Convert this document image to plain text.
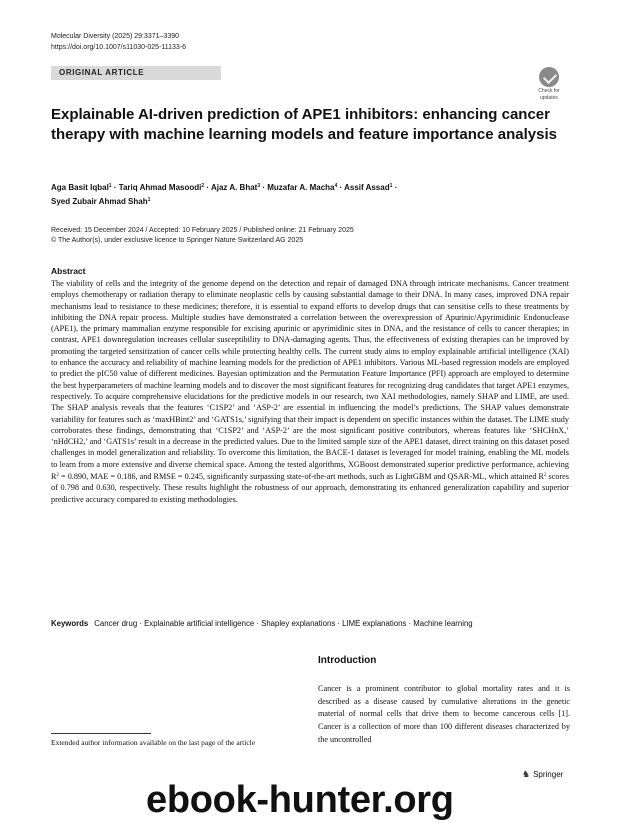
Molecular Diversity (2025) 29:3371–3390
https://doi.org/10.1007/s11030-025-11133-6
ORIGINAL ARTICLE
Check for
updates
Explainable AI-driven prediction of APE1 inhibitors: enhancing cancer therapy with machine learning models and feature importance analysis
Aga Basit Iqbal$^1$ · Tariq Ahmad Masoodi$^2$ · Ajaz A. Bhat$^3$ · Muzafar A. Macha$^4$ · Assif Assad$^1$ ·
Syed Zubair Ahmad Shah$^1$
Received: 15 December 2024 / Accepted: 10 February 2025 / Published online: 21 February 2025
© The Author(s), under exclusive licence to Springer Nature Switzerland AG 2025
Abstract
The viability of cells and the integrity of the genome depend on the detection and repair of damaged DNA through intricate mechanisms. Cancer treatment employs chemotherapy or radiation therapy to eliminate neoplastic cells by causing substantial damage to their DNA. In many cases, improved DNA repair mechanisms lead to resistance to these medicines; therefore, it is essential to expand efforts to develop drugs that can sensitise cells to these treatments by inhibiting the DNA repair process. Multiple studies have demonstrated a correlation between the overexpression of Apurinic/Apyrimidinic Endonuclease (APE1), the primary mammalian enzyme responsible for excising apurinic or apyrimidinic sites in DNA, and the resistance of cells to cancer therapies; in contrast, APE1 downregulation increases cellular susceptibility to DNA-damaging agents. Thus, the effectiveness of existing therapies can be improved by promoting the targeted sensitization of cancer cells while protecting healthy cells. The current study aims to employ explainable artificial intelligence (XAI) to enhance the accuracy and reliability of machine learning models for the prediction of APE1 inhibitors. Various ML-based regression models are employed to predict the pIC50 value of different medicines. Bayesian optimization and the Permutation Feature Importance (PFI) approach are employed to determine the best hyperparameters of machine learning models and to discover the most significant features for recognizing drug candidates that target APE1 enzymes, respectively. To acquire comprehensive elucidations for the predictive models in our research, two XAI methodologies, namely SHAP and LIME, are used. The SHAP analysis reveals that the features ‘C1SP2’ and ‘ASP-2’ are essential in influencing the model’s predictions. The SHAP values demonstrate variability for features such as ‘maxHBint2’ and ‘GATS1s,’ signifying that their impact is dependent on specific instances within the dataset. The LIME study corroborates these findings, demonstrating that ‘C1SP2’ and ‘ASP-2’ are the most significant positive contributors, whereas features like ‘SHCHnX,’ ‘nHdCH2,’ and ‘GATS1s’ result in a decrease in the predicted values. Due to the limited sample size of the APE1 dataset, direct training on this dataset posed challenges in model generalization and reliability. To overcome this limitation, the BACE-1 dataset is leveraged for model training, enabling the ML models to learn from a more extensive and diverse chemical space. Among the tested algorithms, XGBoost demonstrated superior predictive performance, achieving $R^2 = 0.890$, MAE = 0.186, and RMSE = 0.245, significantly surpassing state-of-the-art methods, such as LightGBM and QSAR-ML, which attained $R^2$ scores of 0.798 and 0.630, respectively. These results highlight the robustness of our approach, demonstrating its enhanced generalization capability and superior predictive accuracy compared to existing methodologies.
Keywords Cancer drug · Explainable artificial intelligence · Shapley explanations · LIME explanations · Machine learning
Introduction
Cancer is a prominent contributor to global mortality rates and it is described as a disease caused by cumulative alterations in the genetic material of normal cells that drive them to become cancerous cells [1]. Cancer is a collection of more than 100 different diseases characterized by the uncontrolled
Extended author information available on the last page of the article
♞ Springer
ebook-hunter.org
